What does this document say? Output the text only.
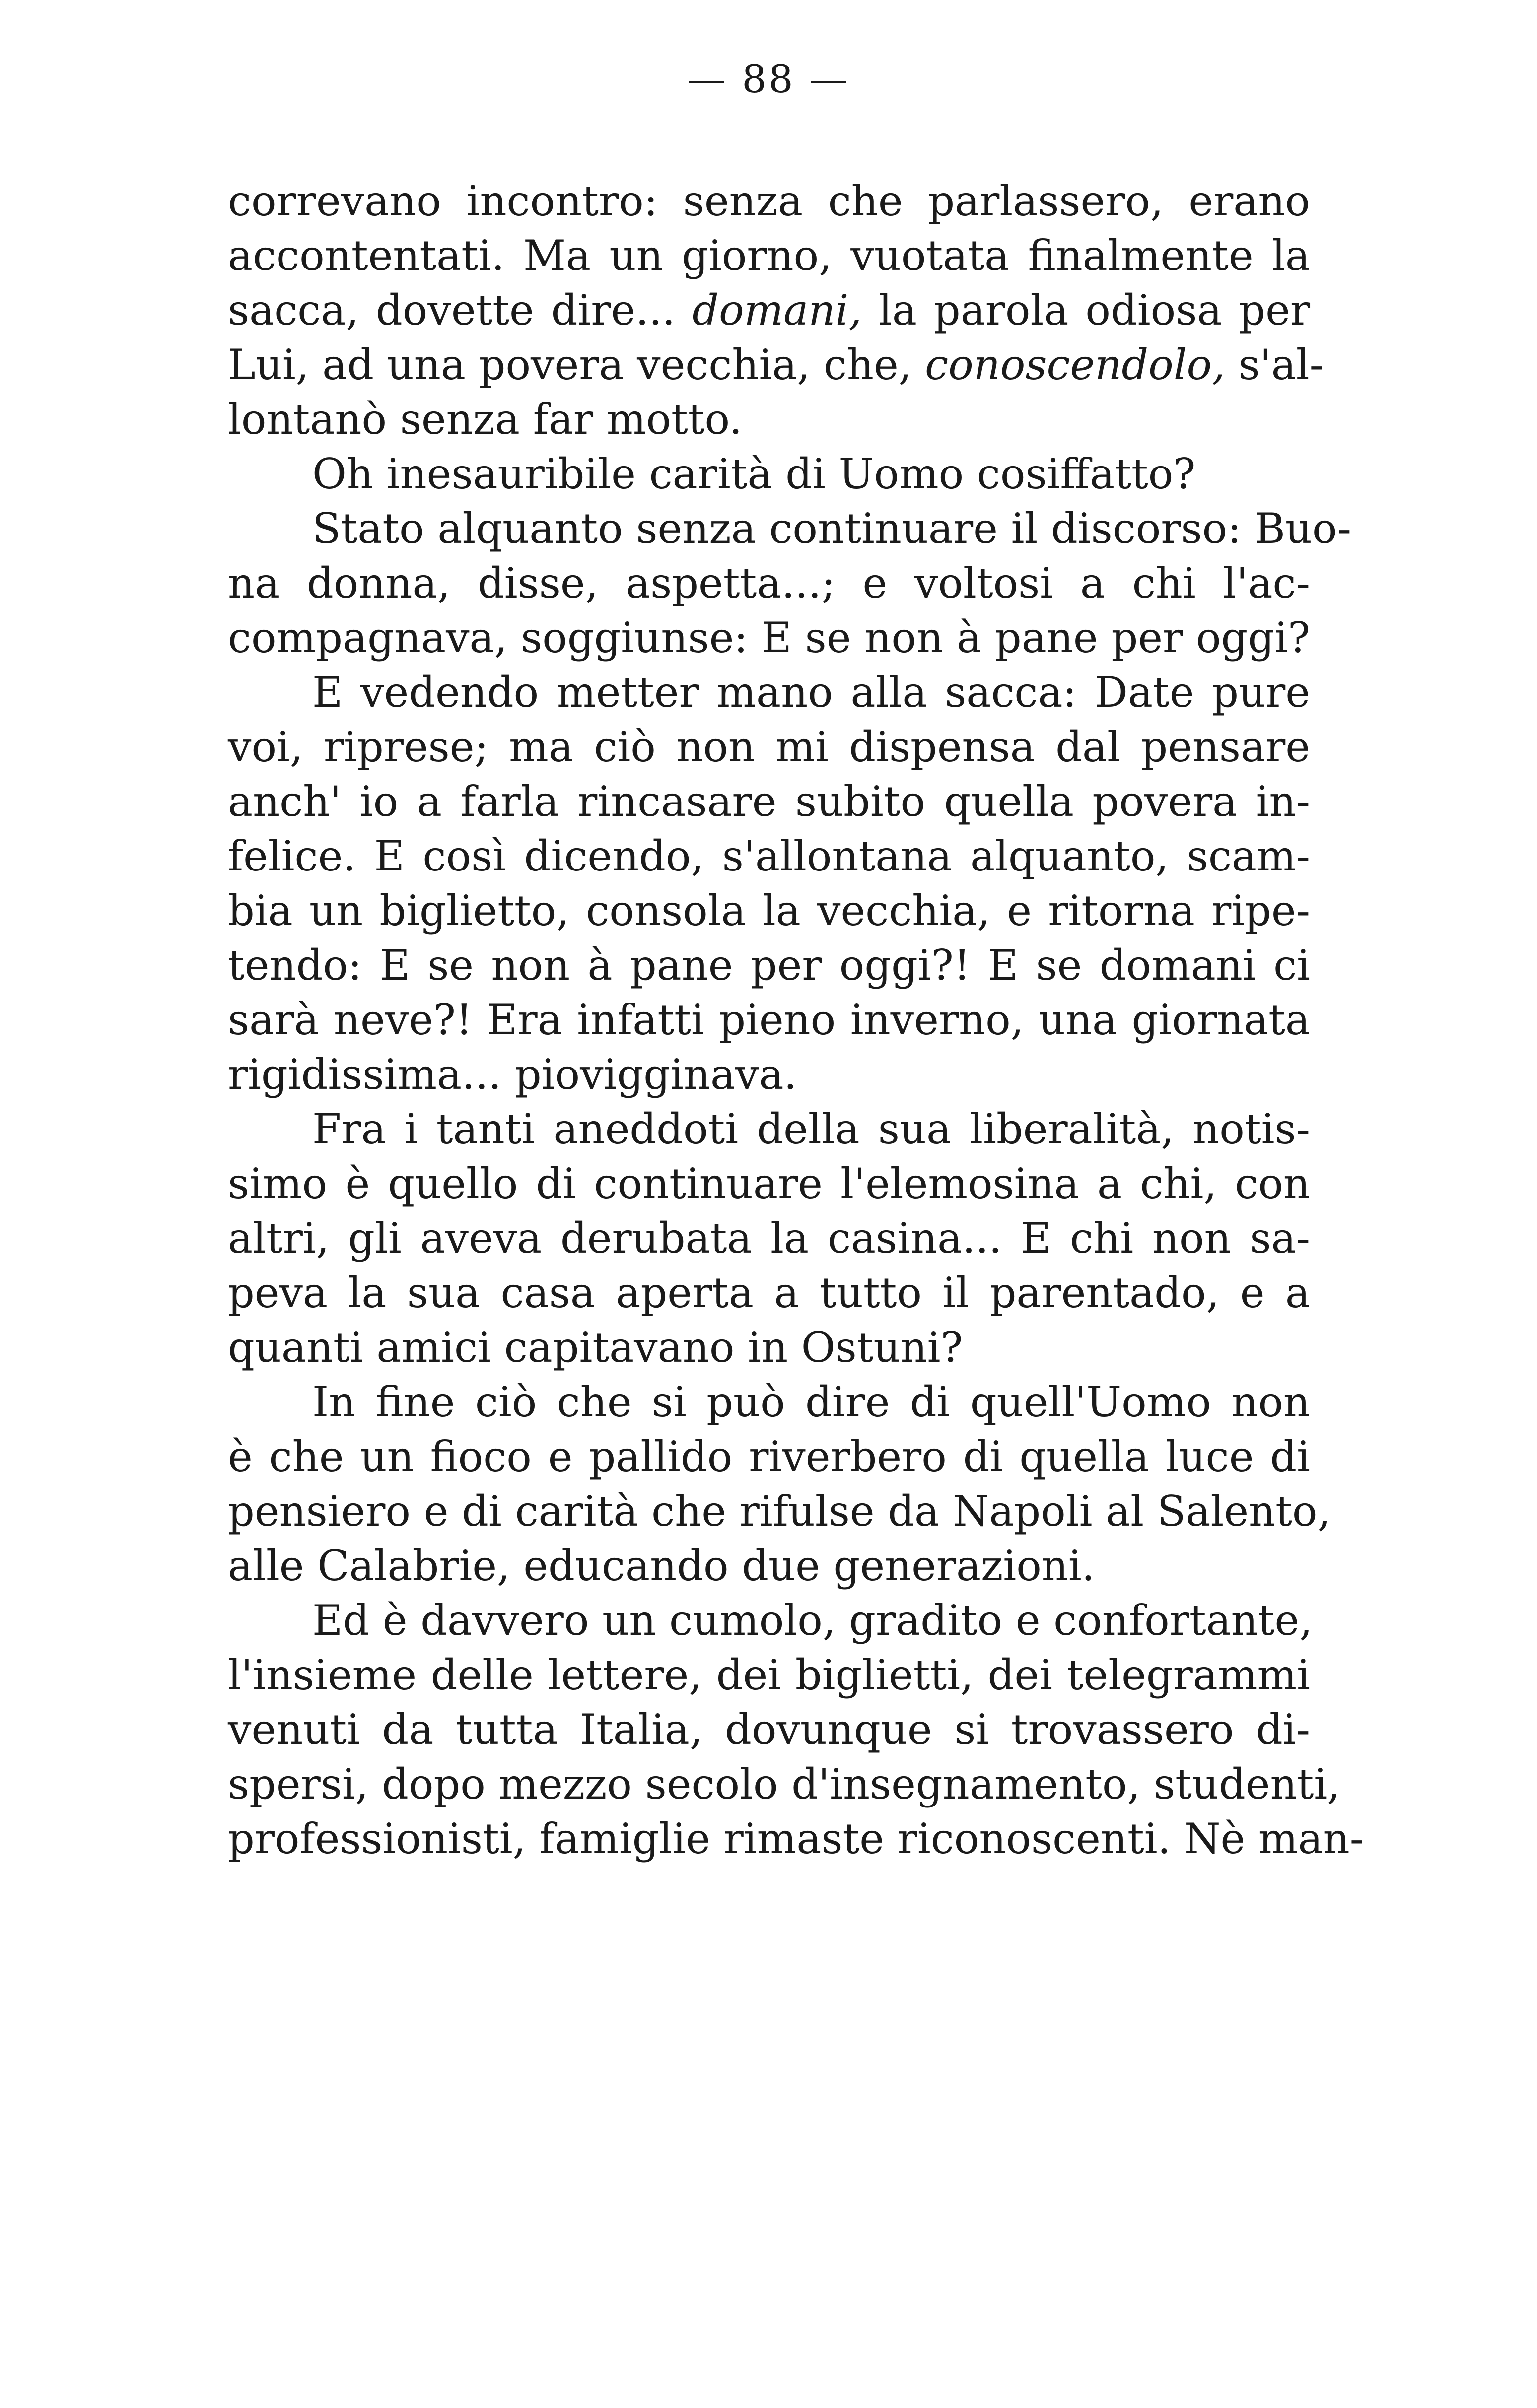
— 88 —
correvano incontro: senza che parlassero, erano
accontentati. Ma un giorno, vuotata finalmente la
sacca, dovette dire... domani, la parola odiosa per
Lui, ad una povera vecchia, che, conoscendolo, s'al-
lontanò senza far motto.
Oh inesauribile carità di Uomo cosiffatto?
Stato alquanto senza continuare il discorso: Buo-
na donna, disse, aspetta...; e voltosi a chi l'ac-
compagnava, soggiunse: E se non à pane per oggi?
E vedendo metter mano alla sacca: Date pure
voi, riprese; ma ciò non mi dispensa dal pensare
anch' io a farla rincasare subito quella povera in-
felice. E così dicendo, s'allontana alquanto, scam-
bia un biglietto, consola la vecchia, e ritorna ripe-
tendo: E se non à pane per oggi?! E se domani ci
sarà neve?! Era infatti pieno inverno, una giornata
rigidissima... piovigginava.
Fra i tanti aneddoti della sua liberalità, notis-
simo è quello di continuare l'elemosina a chi, con
altri, gli aveva derubata la casina... E chi non sa-
peva la sua casa aperta a tutto il parentado, e a
quanti amici capitavano in Ostuni?
In fine ciò che si può dire di quell'Uomo non
è che un fioco e pallido riverbero di quella luce di
pensiero e di carità che rifulse da Napoli al Salento,
alle Calabrie, educando due generazioni.
Ed è davvero un cumolo, gradito e confortante,
l'insieme delle lettere, dei biglietti, dei telegrammi
venuti da tutta Italia, dovunque si trovassero di-
spersi, dopo mezzo secolo d'insegnamento, studenti,
professionisti, famiglie rimaste riconoscenti. Nè man-
